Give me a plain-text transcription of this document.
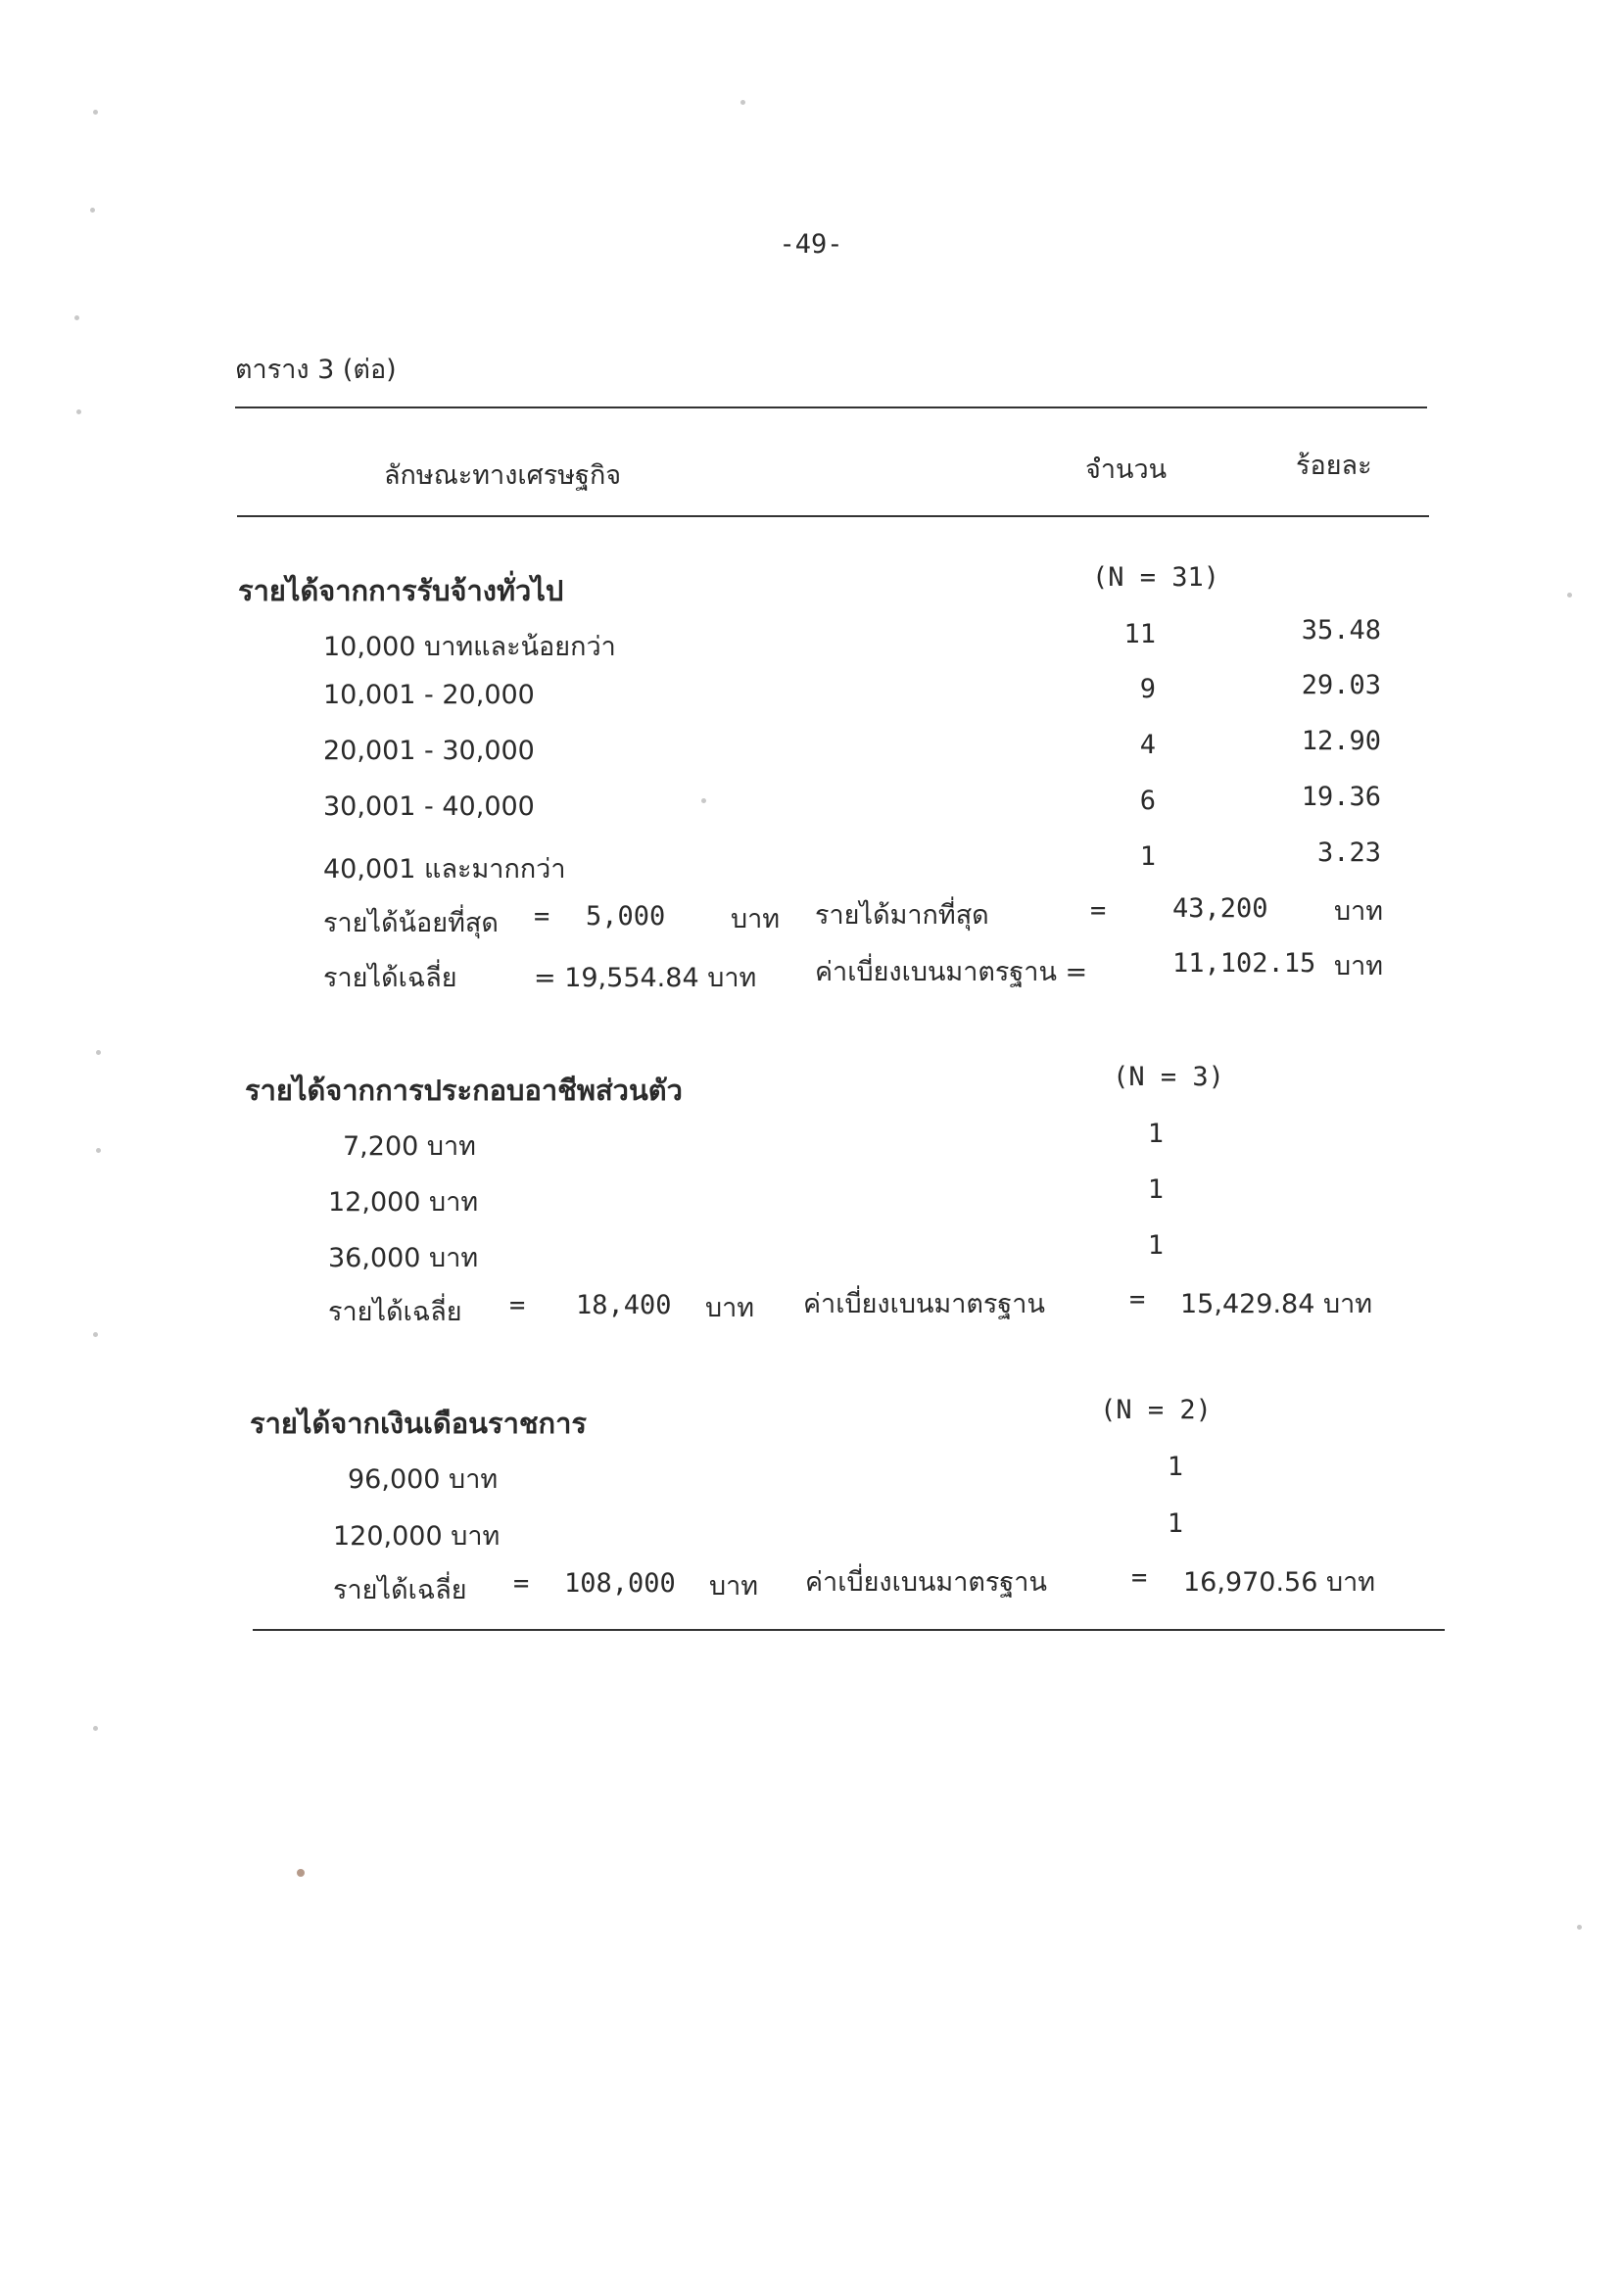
-49-
ตาราง 3 (ต่อ)
ลักษณะทางเศรษฐกิจ	จำนวน	ร้อยละ
รายได้จากการรับจ้างทั่วไป	(N = 31)
10,000 บาทและน้อยกว่า	11	35.48
10,001 - 20,000	9	29.03
20,001 - 30,000	4	12.90
30,001 - 40,000	6	19.36
40,001 และมากกว่า	1	3.23
รายได้น้อยที่สุด = 5,000 บาท รายได้มากที่สุด	=	43,200 บาท
รายได้เฉลี่ย	= 19,554.84 บาท ค่าเบี่ยงเบนมาตรฐาน =	11,102.15 บาท
รายได้จากการประกอบอาชีพส่วนตัว	(N = 3)
7,200 บาท	1
12,000 บาท	1
36,000 บาท	1
รายได้เฉลี่ย = 18,400 บาท ค่าเบี่ยงเบนมาตรฐาน	= 15,429.84 บาท
รายได้จากเงินเดือนราชการ	(N = 2)
96,000 บาท	1
120,000 บาท	1
รายได้เฉลี่ย = 108,000 บาท ค่าเบี่ยงเบนมาตรฐาน	= 16,970.56 บาท
